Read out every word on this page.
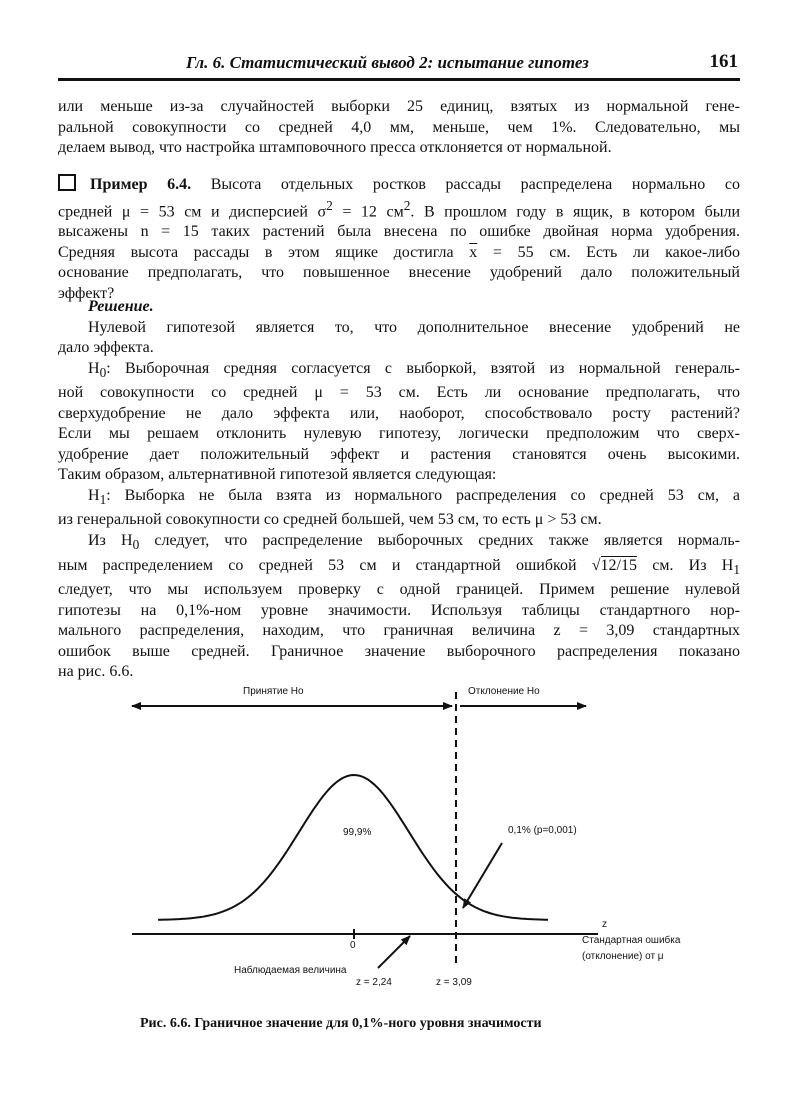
Гл. 6. Статистический вывод 2: испытание гипотез	161
или меньше из-за случайностей выборки 25 единиц, взятых из нормальной гене-
ральной совокупности со средней 4,0 мм, меньше, чем 1%. Следовательно, мы
делаем вывод, что настройка штамповочного пресса отклоняется от нормальной.
Пример 6.4. Высота отдельных ростков рассады распределена нормально со
средней μ = 53 см и дисперсией $\sigma^2 = 12$ $см^2$. В прошлом году в ящик, в котором были
высажены n = 15 таких растений была внесена по ошибке двойная норма удобрения.
Средняя высота рассады в этом ящике достигла $\overline{x} = 55$ см. Есть ли какое-либо
основание предполагать, что повышенное внесение удобрений дало положительный
эффект?
Решение.
Нулевой гипотезой является то, что дополнительное внесение удобрений не
дало эффекта.
$H_0$: Выборочная средняя согласуется с выборкой, взятой из нормальной генераль-
ной совокупности со средней μ = 53 см. Есть ли основание предполагать, что
сверхудобрение не дало эффекта или, наоборот, способствовало росту растений?
Если мы решаем отклонить нулевую гипотезу, логически предположим что сверх-
удобрение дает положительный эффект и растения становятся очень высокими.
Таким образом, альтернативной гипотезой является следующая:
$H_1$: Выборка не была взята из нормального распределения со средней 53 см, а
из генеральной совокупности со средней большей, чем 53 см, то есть μ > 53 см.
Из $H_0$ следует, что распределение выборочных средних также является нормаль-
ным распределением со средней 53 см и стандартной ошибкой √12/15 см. Из $H_1$
следует, что мы используем проверку с одной границей. Примем решение нулевой
гипотезы на 0,1%-ном уровне значимости. Используя таблицы стандартного нор-
мального распределения, находим, что граничная величина z = 3,09 стандартных
ошибок выше средней. Граничное значение выборочного распределения показано
на рис. 6.6.
Принятие Но	Отклонение Но
99,9%	0,1% (p=0,001)
z
0	Стандартная ошибка
(отклонение) от μ
Наблюдаемая величина
z = 2,24	z = 3,09
Рис. 6.6. Граничное значение для 0,1%-ного уровня значимости
